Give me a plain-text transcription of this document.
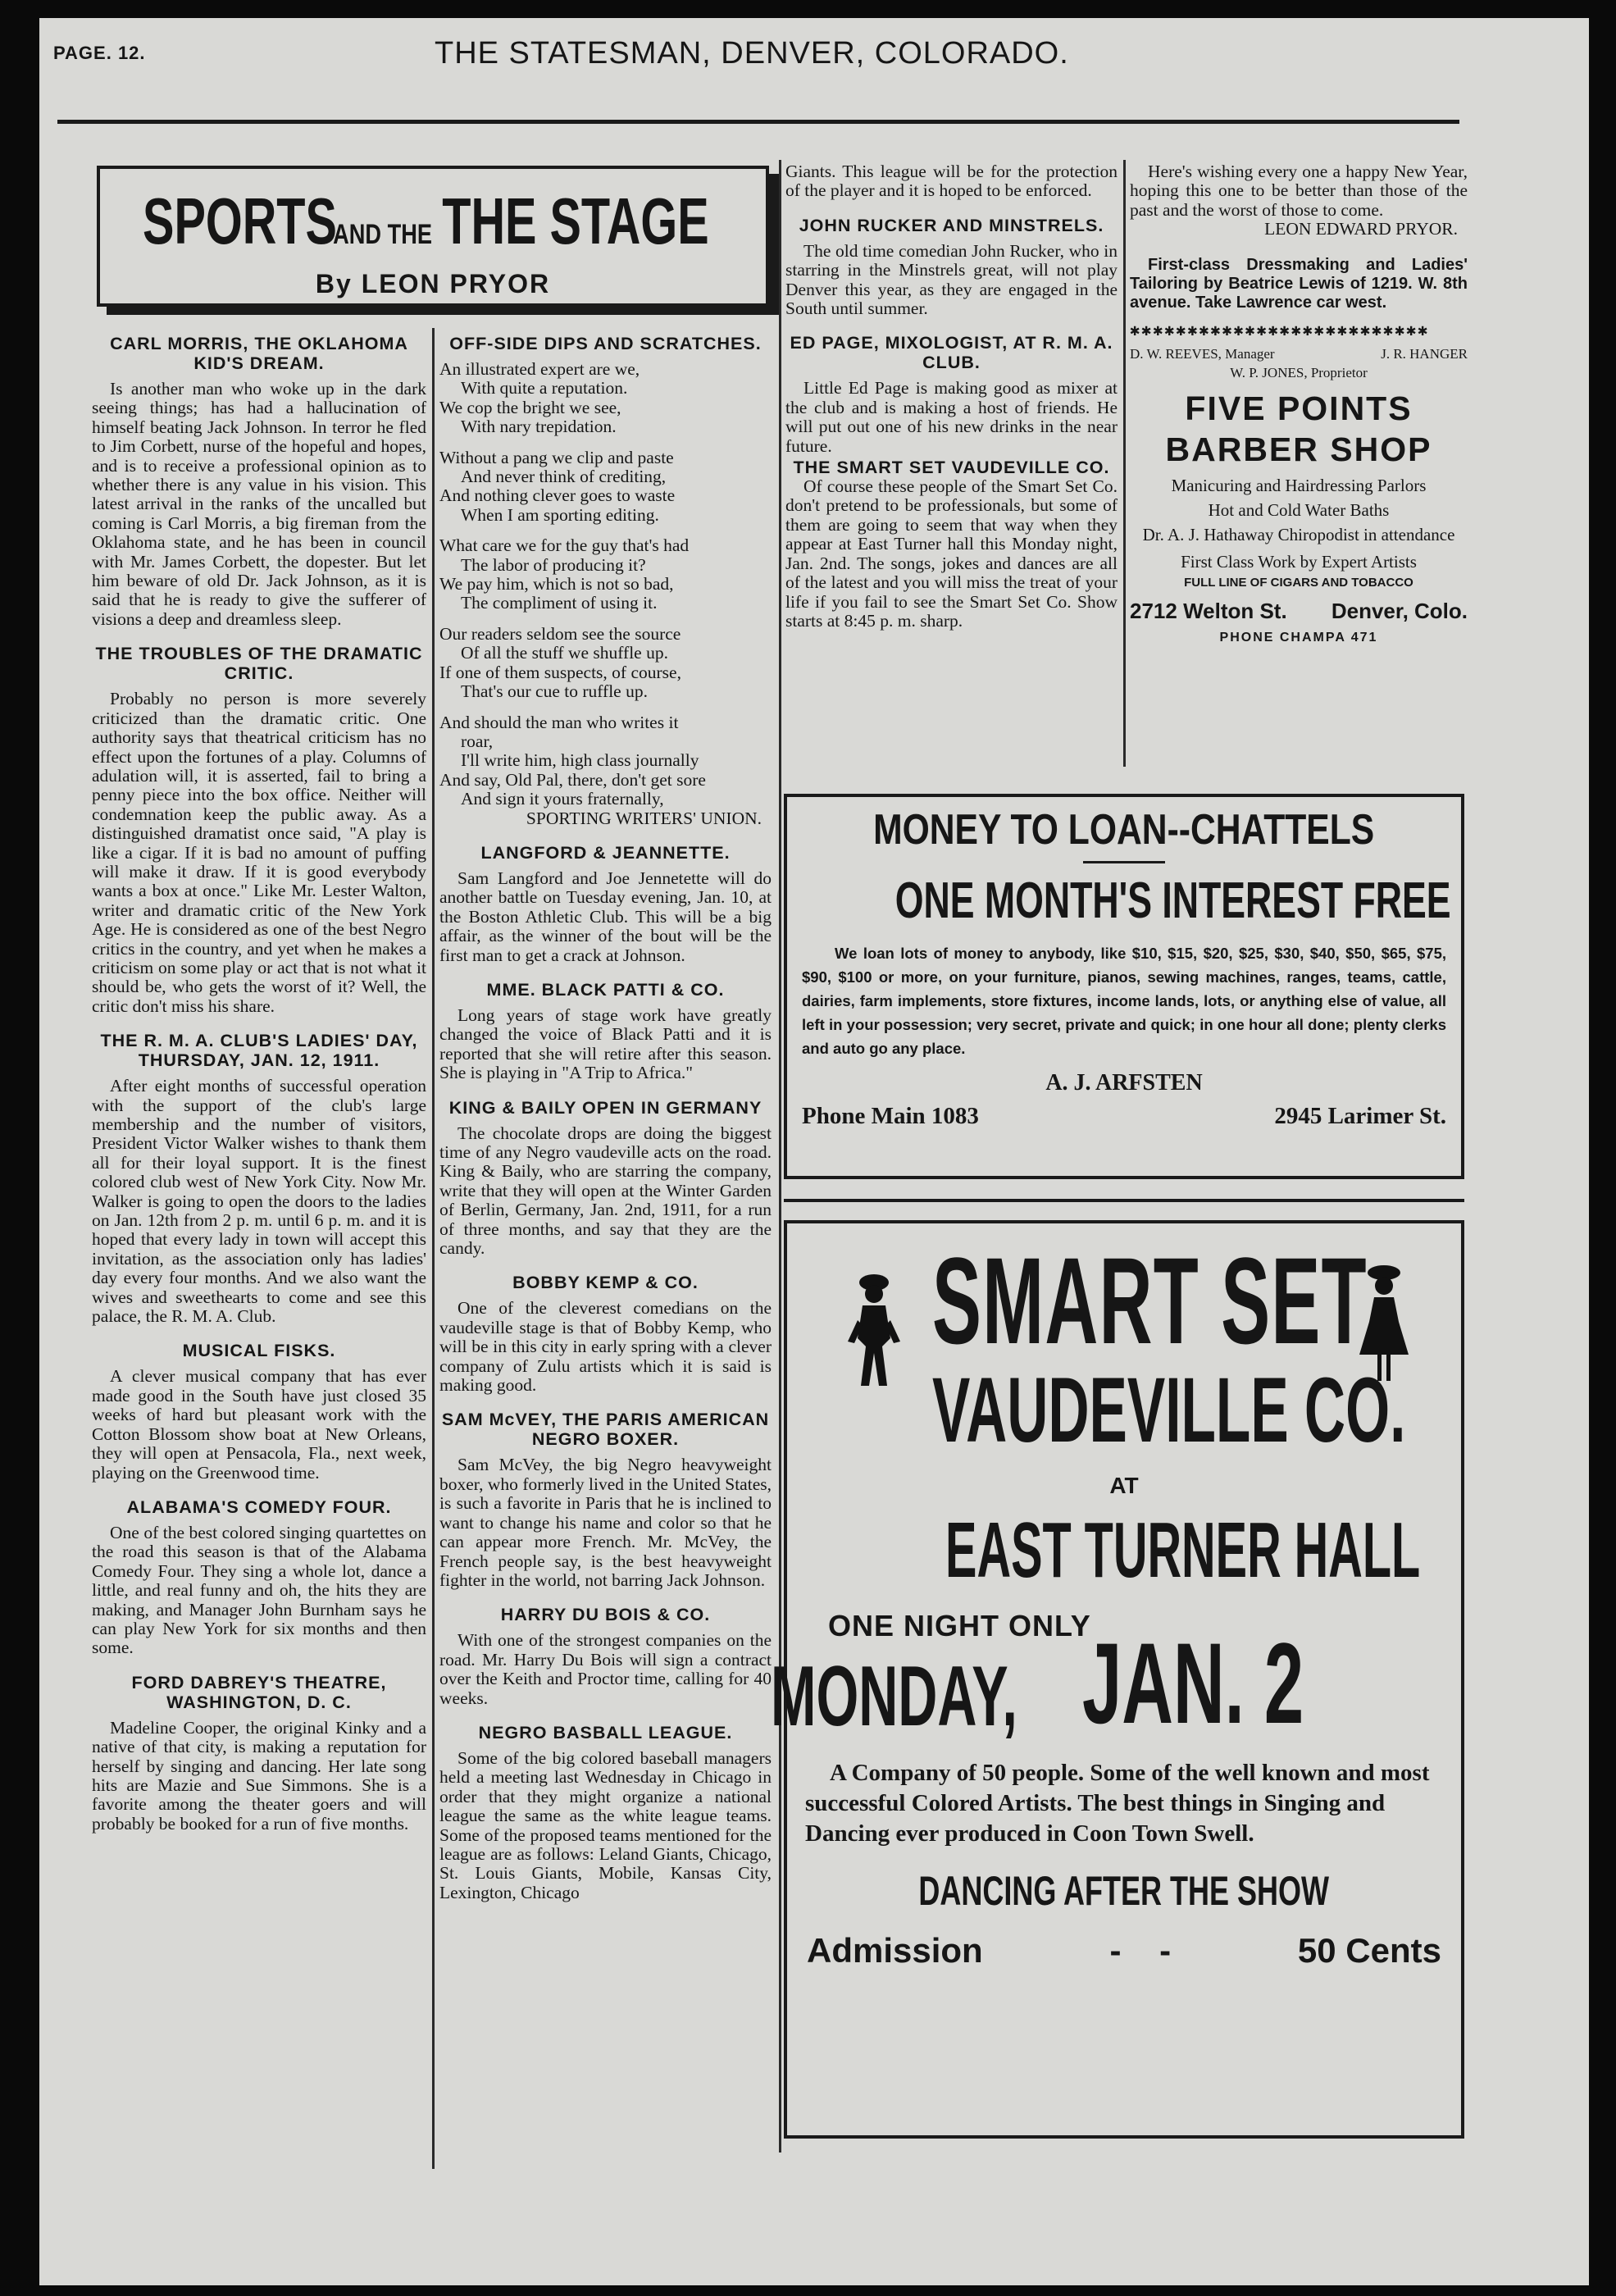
PAGE. 12.	THE STATESMAN, DENVER, COLORADO.
SPORTS AND THE THE STAGE
By LEON PRYOR
CARL MORRIS, THE OKLAHOMA KID'S DREAM.

Is another man who woke up in the dark seeing things; has had a hallucination of himself beating Jack Johnson. In terror he fled to Jim Corbett, nurse of the hopeful and hopes, and is to receive a professional opinion as to whether there is any value in his vision. This latest arrival in the ranks of the uncalled but coming is Carl Morris, a big fireman from the Oklahoma state, and he has been in council with Mr. James Corbett, the dopester. But let him beware of old Dr. Jack Johnson, as it is said that he is ready to give the sufferer of visions a deep and dreamless sleep.

THE TROUBLES OF THE DRAMATIC CRITIC.

Probably no person is more severely criticized than the dramatic critic. One authority says that theatrical criticism has no effect upon the fortunes of a play. Columns of adulation will, it is asserted, fail to bring a penny piece into the box office. Neither will condemnation keep the public away. As a distinguished dramatist once said, "A play is like a cigar. If it is bad no amount of puffing will make it draw. If it is good everybody wants a box at once." Like Mr. Lester Walton, writer and dramatic critic of the New York Age. He is considered as one of the best Negro critics in the country, and yet when he makes a criticism on some play or act that is not what it should be, who gets the worst of it? Well, the critic don't miss his share.

THE R. M. A. CLUB'S LADIES' DAY, THURSDAY, JAN. 12, 1911.

After eight months of successful operation with the support of the club's large membership and the number of visitors, President Victor Walker wishes to thank them all for their loyal support. It is the finest colored club west of New York City. Now Mr. Walker is going to open the doors to the ladies on Jan. 12th from 2 p. m. until 6 p. m. and it is hoped that every lady in town will accept this invitation, as the association only has ladies' day every four months. And we also want the wives and sweethearts to come and see this palace, the R. M. A. Club.

MUSICAL FISKS.

A clever musical company that has ever made good in the South have just closed 35 weeks of hard but pleasant work with the Cotton Blossom show boat at New Orleans, they will open at Pensacola, Fla., next week, playing on the Greenwood time.

ALABAMA'S COMEDY FOUR.

One of the best colored singing quartettes on the road this season is that of the Alabama Comedy Four. They sing a whole lot, dance a little, and real funny and oh, the hits they are making, and Manager John Burnham says he can play New York for six months and then some.

FORD DABREY'S THEATRE, WASHINGTON, D. C.

Madeline Cooper, the original Kinky and a native of that city, is making a reputation for herself by singing and dancing. Her late song hits are Mazie and Sue Simmons. She is a favorite among the theater goers and will probably be booked for a run of five months.

OFF-SIDE DIPS AND SCRATCHES.
An illustrated expert are we,
With quite a reputation.
We cop the bright we see,
With nary trepidation.

Without a pang we clip and paste
And never think of crediting,
And nothing clever goes to waste
When I am sporting editing.

What care we for the guy that's had
The labor of producing it?
We pay him, which is not so bad,
The compliment of using it.

Our readers seldom see the source
Of all the stuff we shuffle up.
If one of them suspects, of course,
That's our cue to ruffle up.

And should the man who writes it
roar,
I'll write him, high class journally
And say, Old Pal, there, don't get sore
And sign it yours fraternally,
SPORTING WRITERS' UNION.
LANGFORD & JEANNETTE.

Sam Langford and Joe Jennetette will do another battle on Tuesday evening, Jan. 10, at the Boston Athletic Club. This will be a big affair, as the winner of the bout will be the first man to get a crack at Johnson.

MME. BLACK PATTI & CO.

Long years of stage work have greatly changed the voice of Black Patti and it is reported that she will retire after this season. She is playing in "A Trip to Africa."

KING & BAILY OPEN IN GERMANY

The chocolate drops are doing the biggest time of any Negro vaudeville acts on the road. King & Baily, who are starring the company, write that they will open at the Winter Garden of Berlin, Germany, Jan. 2nd, 1911, for a run of three months, and say that they are the candy.

BOBBY KEMP & CO.

One of the cleverest comedians on the vaudeville stage is that of Bobby Kemp, who will be in this city in early spring with a clever company of Zulu artists which it is said is making good.

SAM McVEY, THE PARIS AMERICAN NEGRO BOXER.

Sam McVey, the big Negro heavyweight boxer, who formerly lived in the United States, is such a favorite in Paris that he is inclined to want to change his name and color so that he can appear more French. Mr. McVey, the French people say, is the best heavyweight fighter in the world, not barring Jack Johnson.

HARRY DU BOIS & CO.

With one of the strongest companies on the road. Mr. Harry Du Bois will sign a contract over the Keith and Proctor time, calling for 40 weeks.

NEGRO BASBALL LEAGUE.

Some of the big colored baseball managers held a meeting last Wednesday in Chicago in order that they might organize a national league the same as the white league teams. Some of the proposed teams mentioned for the league are as follows: Leland Giants, Chicago, St. Louis Giants, Mobile, Kansas City, Lexington, Chicago

Giants. This league will be for the protection of the player and it is hoped to be enforced.

JOHN RUCKER AND MINSTRELS.

The old time comedian John Rucker, who in starring in the Minstrels great, will not play Denver this year, as they are engaged in the South until summer.

ED PAGE, MIXOLOGIST, AT R. M. A. CLUB.

Little Ed Page is making good as mixer at the club and is making a host of friends. He will put out one of his new drinks in the near future.

THE SMART SET VAUDEVILLE CO.

Of course these people of the Smart Set Co. don't pretend to be professionals, but some of them are going to seem that way when they appear at East Turner hall this Monday night, Jan. 2nd. The songs, jokes and dances are all of the latest and you will miss the treat of your life if you fail to see the Smart Set Co. Show starts at 8:45 p. m. sharp.

Here's wishing every one a happy New Year, hoping this one to be better than those of the past and the worst of those to come.

LEON EDWARD PRYOR.
First-class Dressmaking and Ladies' Tailoring by Beatrice Lewis of 1219. W. 8th avenue. Take Lawrence car west.
✱✱✱✱✱✱✱✱✱✱✱✱✱✱✱✱✱✱✱✱✱✱✱✱✱✱
D. W. REEVES, Manager	J. R. HANGER
W. P. JONES, Proprietor
FIVE POINTS
BARBER SHOP
Manicuring and Hairdressing Parlors
Hot and Cold Water Baths
Dr. A. J. Hathaway Chiropodist in attendance
First Class Work by Expert Artists
FULL LINE OF CIGARS AND TOBACCO
2712 Welton St. Denver, Colo.
PHONE CHAMPA 471
MONEY TO LOAN--CHATTELS
ONE MONTH'S INTEREST FREE
We loan lots of money to anybody, like $10, $15, $20, $25, $30, $40, $50, $65, $75, $90, $100 or more, on your furniture, pianos, sewing machines, ranges, teams, cattle, dairies, farm implements, store fixtures, income lands, lots, or anything else of value, all left in your possession; very secret, private and quick; in one hour all done; plenty clerks and auto go any place.
A. J. ARFSTEN
Phone Main 1083	2945 Larimer St.
SMART SET
VAUDEVILLE CO.
AT
EAST TURNER HALL
ONE NIGHT ONLY
MONDAY, JAN. 2
A Company of 50 people. Some of the well known and most successful Colored Artists. The best things in Singing and Dancing ever produced in Coon Town Swell.
DANCING AFTER THE SHOW
Admission	-    -	50 Cents
